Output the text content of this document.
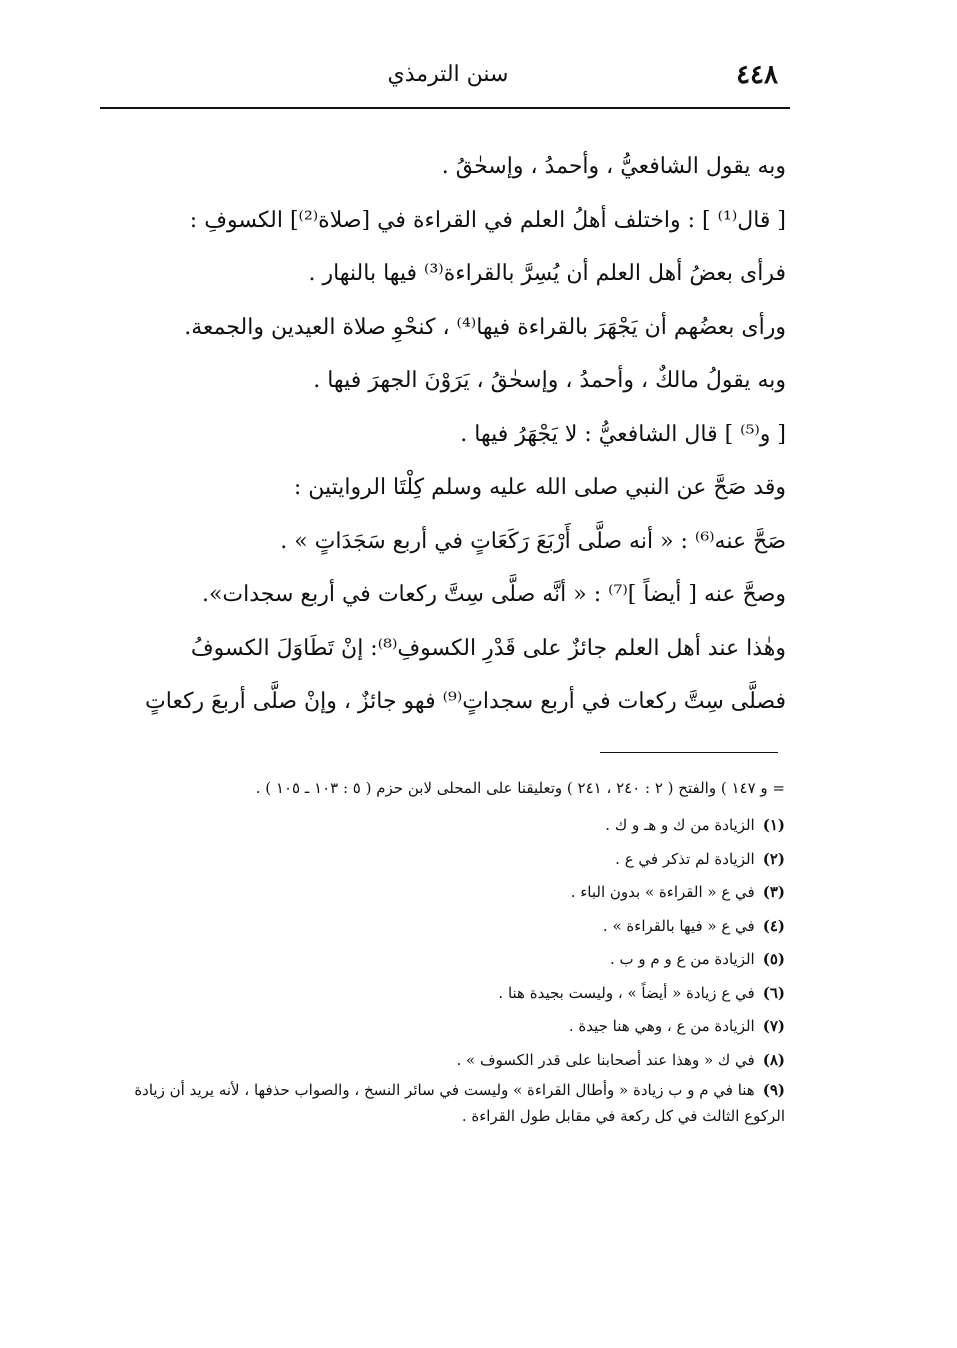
٤٤٨
سنن الترمذي
وبه يقول الشافعيُّ ، وأحمدُ ، وإسحٰقُ .
[ قال⁽¹⁾ ] : واختلف أهلُ العلم في القراءة في [صلاة⁽²⁾] الكسوفِ :
فرأى بعضُ أهل العلم أن يُسِرَّ بالقراءة⁽³⁾ فيها بالنهار .
ورأى بعضُهم أن يَجْهَرَ بالقراءة فيها⁽⁴⁾ ، كنحْوِ صلاة العيدين والجمعة.
وبه يقولُ مالكٌ ، وأحمدُ ، وإسحٰقُ ، يَرَوْنَ الجهرَ فيها .
[ و⁽⁵⁾ ] قال الشافعيُّ : لا يَجْهَرُ فيها .
وقد صَحَّ عن النبي صلى الله عليه وسلم كِلْتَا الروايتين :
صَحَّ عنه⁽⁶⁾ : « أنه صلَّى أَرْبَعَ رَكَعَاتٍ في أربع سَجَدَاتٍ » .
وصحَّ عنه [ أيضاً ]⁽⁷⁾ : « أنَّه صلَّى سِتَّ ركعات في أربع سجدات».
وهٰذا عند أهل العلم جائزٌ على قَدْرِ الكسوفِ⁽⁸⁾: إنْ تَطَاوَلَ الكسوفُ
فصلَّى سِتَّ ركعات في أربع سجداتٍ⁽⁹⁾ فهو جائزٌ ، وإنْ صلَّى أربعَ ركعاتٍ
= و ١٤٧ ) والفتح ( ٢ : ٢٤٠ ، ٢٤١ ) وتعليقنا على المحلى لابن حزم ( ٥ : ١٠٣ ـ ١٠٥ ) .
(١)الزيادة من ك و هـ و ك .
(٢)الزيادة لم تذكر في ع .
(٣)في ع « القراءة » بدون الباء .
(٤)في ع « فيها بالقراءة » .
(٥)الزيادة من ع و م و ب .
(٦)في ع زيادة « أيضاً » ، وليست بجيدة هنا .
(٧)الزيادة من ع ، وهي هنا جيدة .
(٨)في ك « وهذا عند أصحابنا على قدر الكسوف » .
(٩)هنا في م و ب زيادة « وأطال القراءة » وليست في سائر النسخ ، والصواب حذفها ، لأنه يريد أن زيادة الركوع الثالث في كل ركعة في مقابل طول القراءة .
